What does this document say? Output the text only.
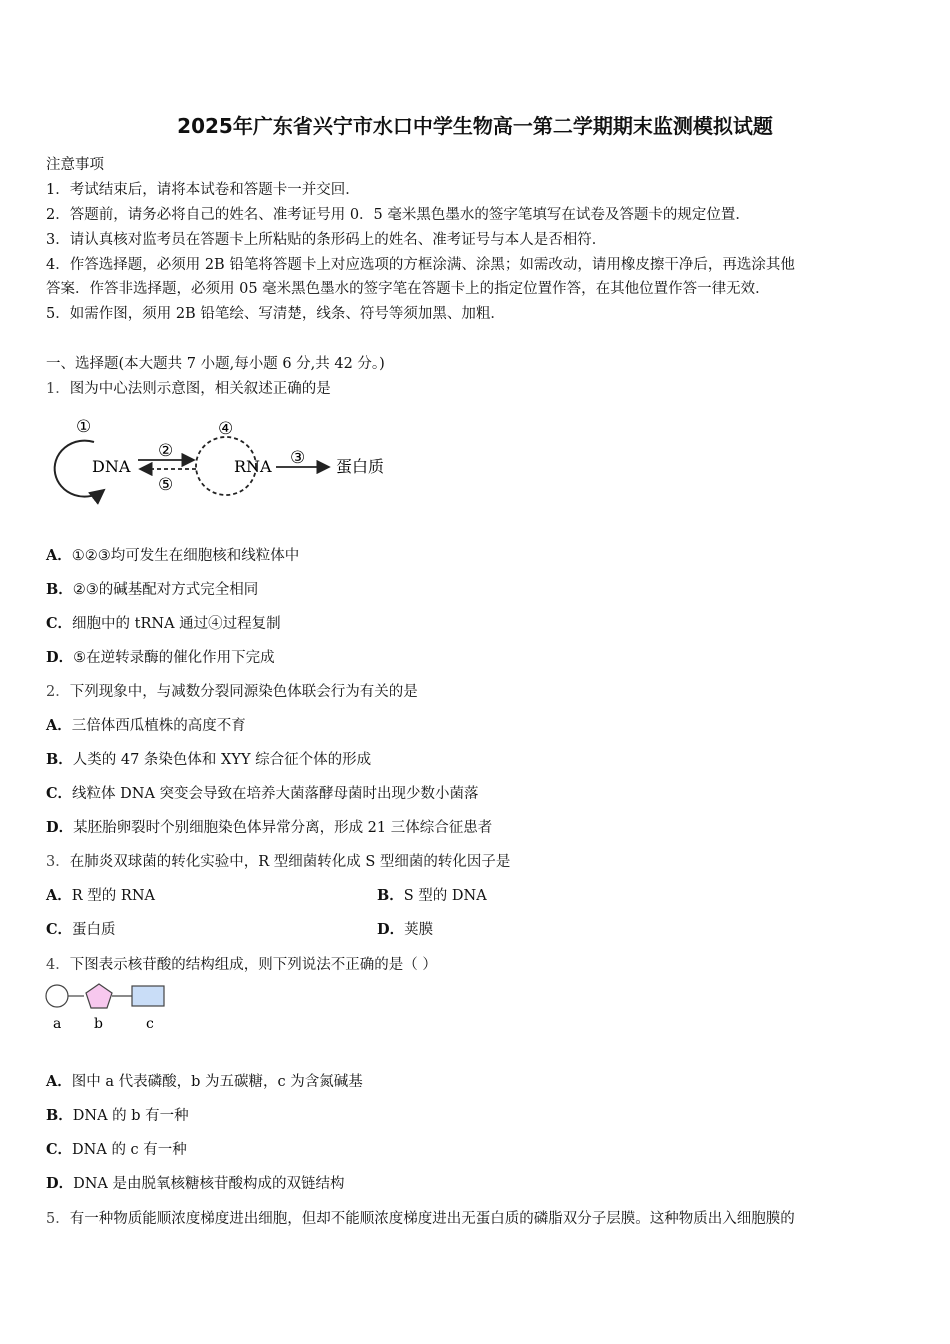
2025年广东省兴宁市水口中学生物高一第二学期期末监测模拟试题
注意事项
1．考试结束后，请将本试卷和答题卡一并交回．
2．答题前，请务必将自己的姓名、准考证号用 0．5 毫米黑色墨水的签字笔填写在试卷及答题卡的规定位置．
3．请认真核对监考员在答题卡上所粘贴的条形码上的姓名、准考证号与本人是否相符．
4．作答选择题，必须用 2B 铅笔将答题卡上对应选项的方框涂满、涂黑；如需改动，请用橡皮擦干净后，再选涂其他
答案．作答非选择题，必须用 05 毫米黑色墨水的签字笔在答题卡上的指定位置作答，在其他位置作答一律无效．
5．如需作图，须用 2B 铅笔绘、写清楚，线条、符号等须加黑、加粗．
一、选择题(本大题共 7 小题,每小题 6 分,共 42 分。)
1．图为中心法则示意图，相关叙述正确的是
DNA
①
②
⑤
④
RNA ③ 蛋白质
A．①②③均可发生在细胞核和线粒体中
B．②③的碱基配对方式完全相同
C．细胞中的 tRNA 通过④过程复制
D．⑤在逆转录酶的催化作用下完成
2．下列现象中，与减数分裂同源染色体联会行为有关的是
A．三倍体西瓜植株的高度不育
B．人类的 47 条染色体和 XYY 综合征个体的形成
C．线粒体 DNA 突变会导致在培养大菌落酵母菌时出现少数小菌落
D．某胚胎卵裂时个别细胞染色体异常分离，形成 21 三体综合征患者
3．在肺炎双球菌的转化实验中，R 型细菌转化成 S 型细菌的转化因子是
A．R 型的 RNA	B．S 型的 DNA
C．蛋白质	D．荚膜
4．下图表示核苷酸的结构组成，则下列说法不正确的是（ ）
a b	c
A．图中 a 代表磷酸，b 为五碳糖，c 为含氮碱基
B．DNA 的 b 有一种
C．DNA 的 c 有一种
D．DNA 是由脱氧核糖核苷酸构成的双链结构
5．有一种物质能顺浓度梯度进出细胞，但却不能顺浓度梯度进出无蛋白质的磷脂双分子层膜。这种物质出入细胞膜的
